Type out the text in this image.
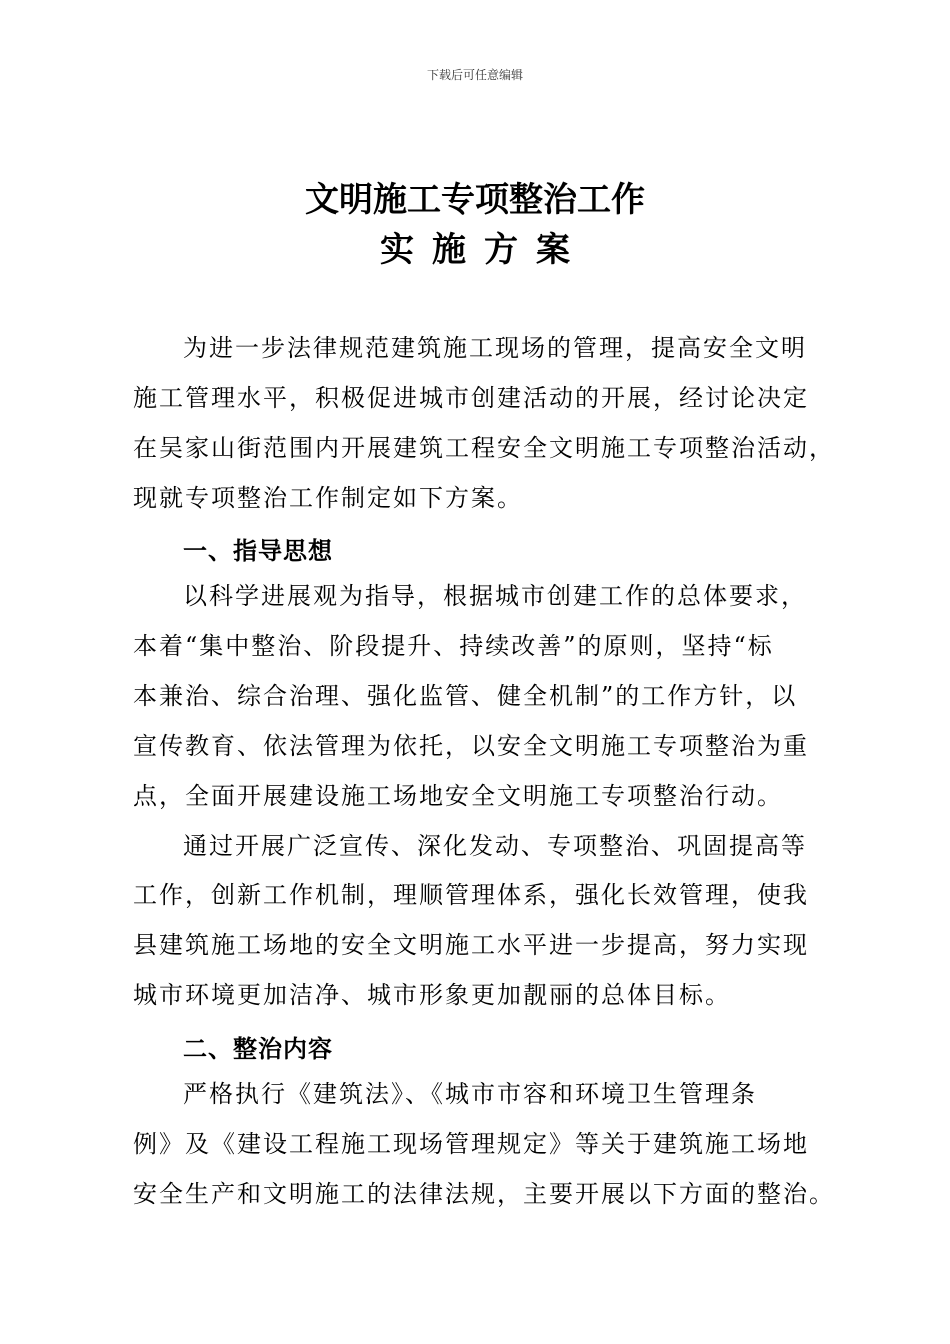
下载后可任意编辑
文明施工专项整治工作
实施方案
为进一步法律规范建筑施工现场的管理，提高安全文明
施工管理水平，积极促进城市创建活动的开展，经讨论决定
在吴家山街范围内开展建筑工程安全文明施工专项整治活动，
现就专项整治工作制定如下方案。
一、指导思想
以科学进展观为指导，根据城市创建工作的总体要求，
本着“集中整治、阶段提升、持续改善”的原则，坚持“标
本兼治、综合治理、强化监管、健全机制”的工作方针，以
宣传教育、依法管理为依托，以安全文明施工专项整治为重
点，全面开展建设施工场地安全文明施工专项整治行动。
通过开展广泛宣传、深化发动、专项整治、巩固提高等
工作，创新工作机制，理顺管理体系，强化长效管理，使我
县建筑施工场地的安全文明施工水平进一步提高，努力实现
城市环境更加洁净、城市形象更加靓丽的总体目标。
二、整治内容
严格执行《建筑法》、《城市市容和环境卫生管理条
例》及《建设工程施工现场管理规定》等关于建筑施工场地
安全生产和文明施工的法律法规，主要开展以下方面的整治。
